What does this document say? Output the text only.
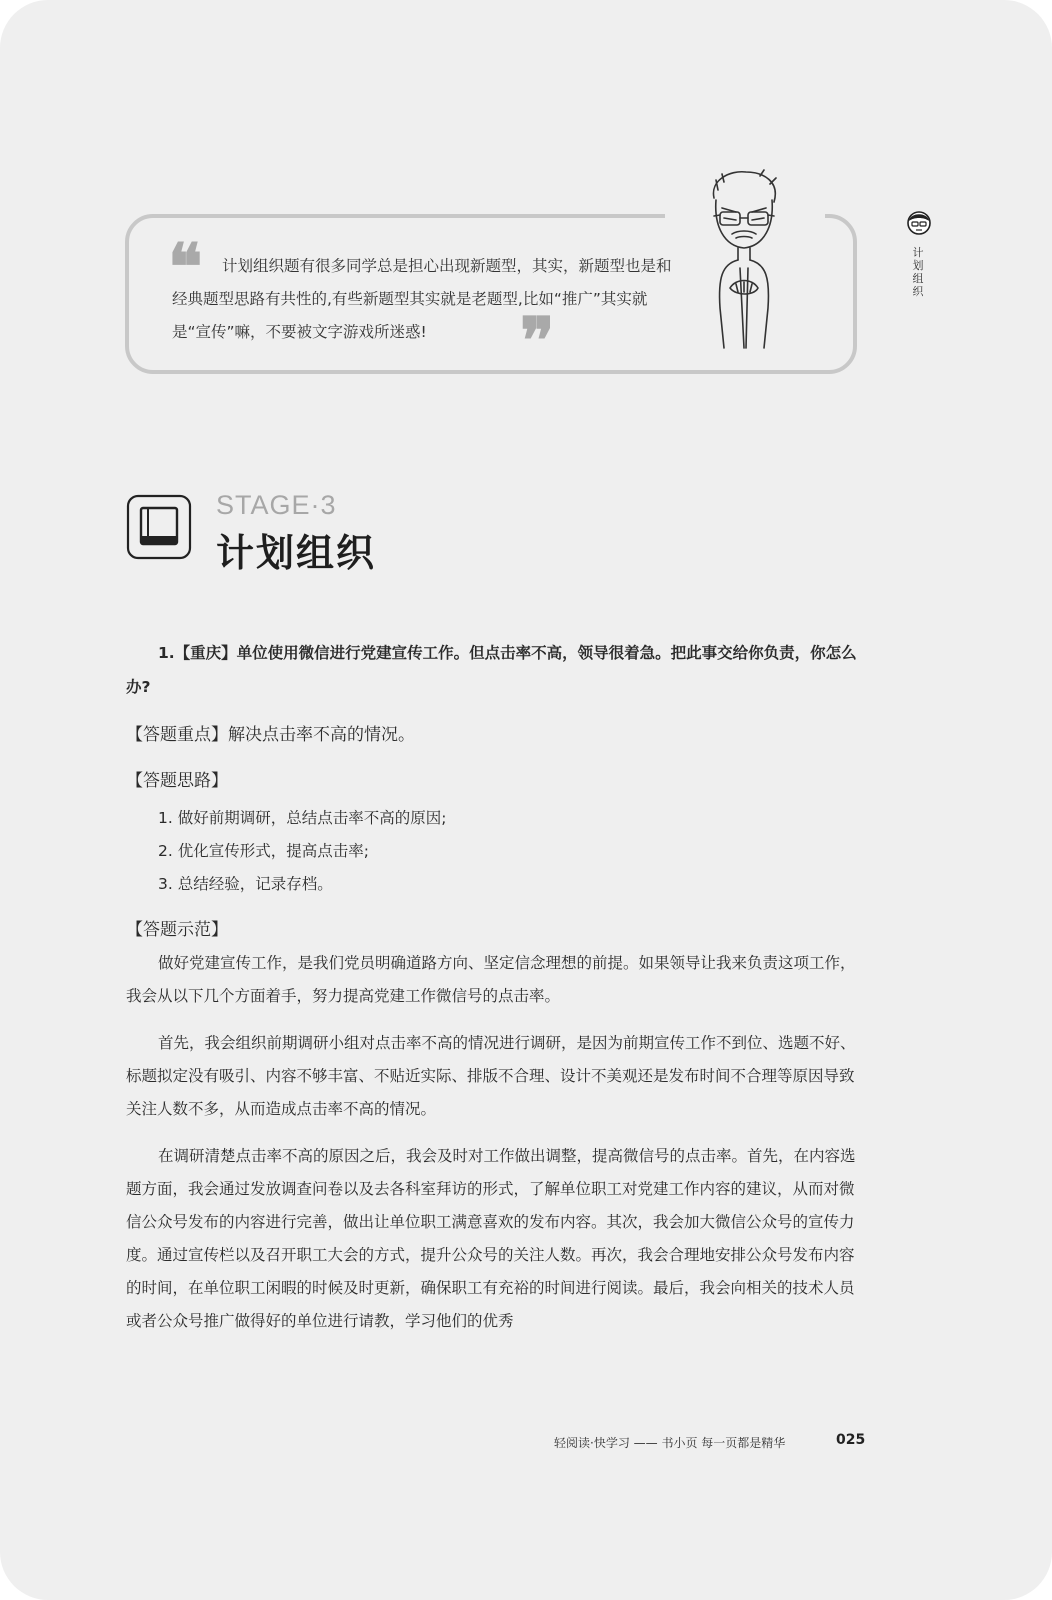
❝	计划组织题有很多同学总是担心出现新题型，其实，新题型也是和经典题型思路有共性的,有些新题型其实就是老题型,比如“推广”其实就是“宣传”嘛，不要被文字游戏所迷惑!	❞
计划组织
STAGE·3
计划组织

1.【重庆】单位使用微信进行党建宣传工作。但点击率不高，领导很着急。把此事交给你负责，你怎么办?

【答题重点】解决点击率不高的情况。
【答题思路】
1. 做好前期调研，总结点击率不高的原因;
2. 优化宣传形式，提高点击率;
3. 总结经验，记录存档。
【答题示范】

做好党建宣传工作，是我们党员明确道路方向、坚定信念理想的前提。如果领导让我来负责这项工作，我会从以下几个方面着手，努力提高党建工作微信号的点击率。

首先，我会组织前期调研小组对点击率不高的情况进行调研，是因为前期宣传工作不到位、选题不好、标题拟定没有吸引、内容不够丰富、不贴近实际、排版不合理、设计不美观还是发布时间不合理等原因导致关注人数不多，从而造成点击率不高的情况。

在调研清楚点击率不高的原因之后，我会及时对工作做出调整，提高微信号的点击率。首先，在内容选题方面，我会通过发放调查问卷以及去各科室拜访的形式，了解单位职工对党建工作内容的建议，从而对微信公众号发布的内容进行完善，做出让单位职工满意喜欢的发布内容。其次，我会加大微信公众号的宣传力度。通过宣传栏以及召开职工大会的方式，提升公众号的关注人数。再次，我会合理地安排公众号发布内容的时间，在单位职工闲暇的时候及时更新，确保职工有充裕的时间进行阅读。最后，我会向相关的技术人员或者公众号推广做得好的单位进行请教，学习他们的优秀

轻阅读·快学习 —— 书小页 每一页都是精华	025
